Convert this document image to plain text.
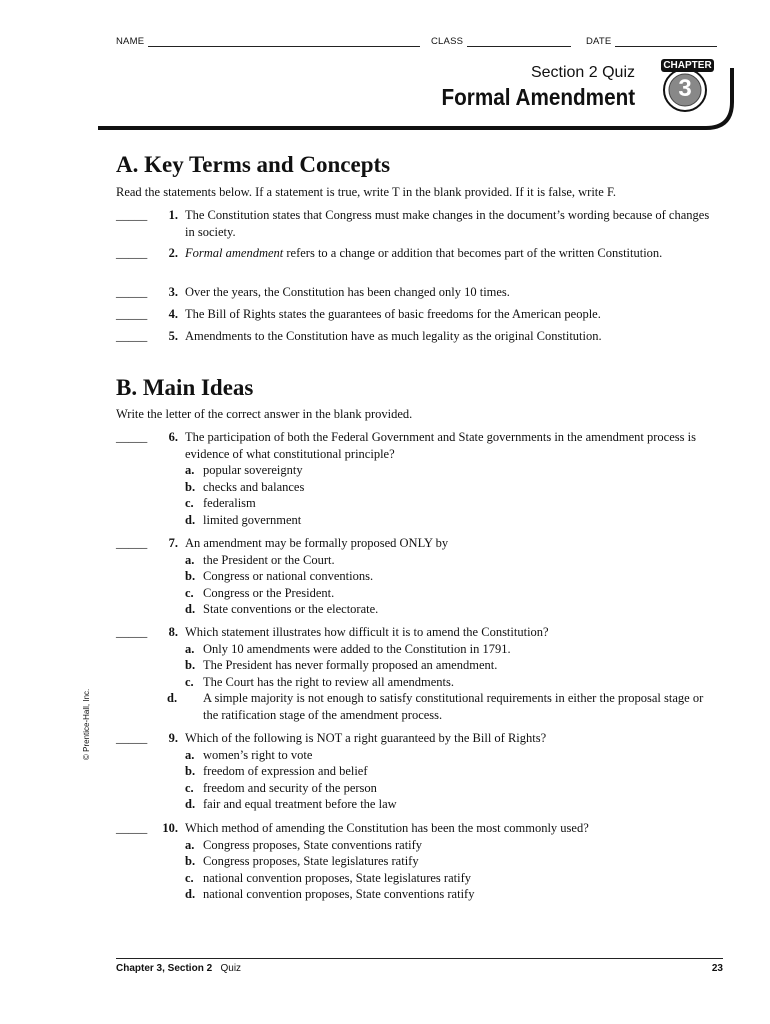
NAME	CLASS	DATE
Section 2 Quiz
Formal Amendment
CHAPTER
3
A. Key Terms and Concepts
Read the statements below. If a statement is true, write T in the blank provided. If it is false, write F.
_____	1. The Constitution states that Congress must make changes in the document’s wording because of changes in society.
_____	2. Formal amendment refers to a change or addition that becomes part of the written Constitution.
_____	3. Over the years, the Constitution has been changed only 10 times.
_____	4. The Bill of Rights states the guarantees of basic freedoms for the American people.
_____	5. Amendments to the Constitution have as much legality as the original Constitution.
B. Main Ideas
Write the letter of the correct answer in the blank provided.
_____	6. The participation of both the Federal Government and State governments in the amendment process is evidence of what constitutional principle?
a. popular sovereignty
b. checks and balances
c. federalism
d. limited government
_____	7. An amendment may be formally proposed ONLY by
a. the President or the Court.
b. Congress or national conventions.
c. Congress or the President.
d. State conventions or the electorate.
_____	8. Which statement illustrates how difficult it is to amend the Constitution?
a. Only 10 amendments were added to the Constitution in 1791.
b. The President has never formally proposed an amendment.
c. The Court has the right to review all amendments.
d. A simple majority is not enough to satisfy constitutional requirements in either the proposal stage or the ratification stage of the amendment process.
_____	9. Which of the following is NOT a right guaranteed by the Bill of Rights?
a. women’s right to vote
b. freedom of expression and belief
c. freedom and security of the person
d. fair and equal treatment before the law
_____	10. Which method of amending the Constitution has been the most commonly used?
a. Congress proposes, State conventions ratify
b. Congress proposes, State legislatures ratify
c. national convention proposes, State legislatures ratify
d. national convention proposes, State conventions ratify
© Prentice-Hall, Inc.
Chapter 3, Section 2 Quiz	23
